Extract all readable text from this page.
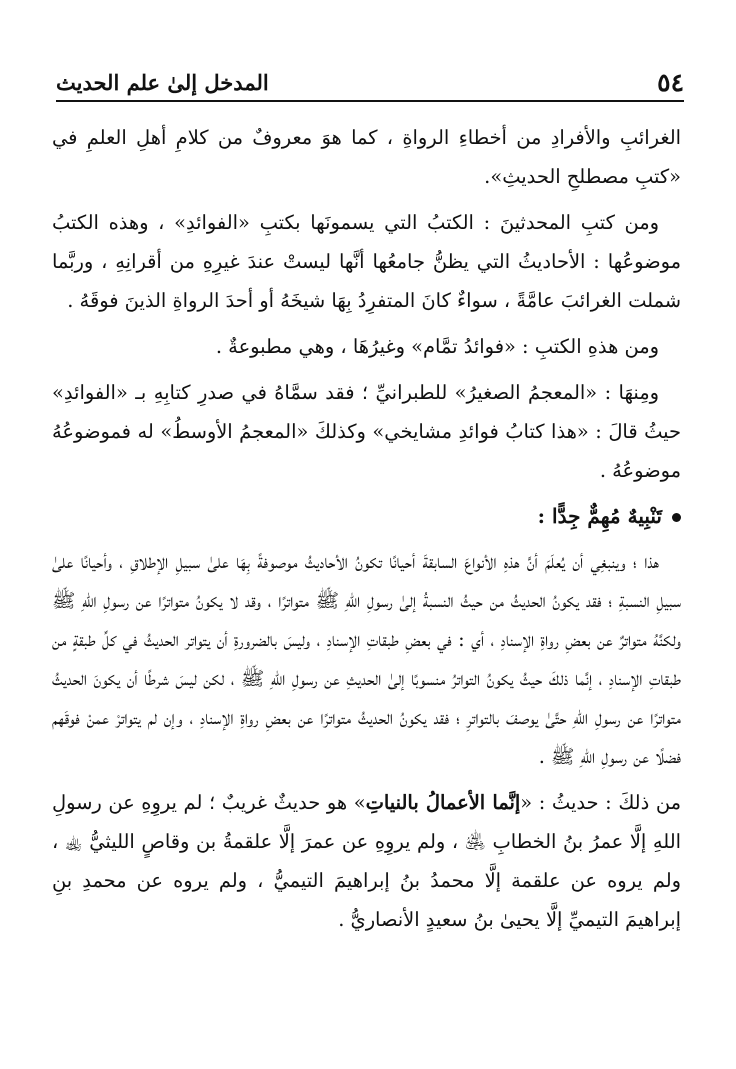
المدخل إلىٰ علم الحديث	٥٤

الغرائبِ والأفرادِ من أخطاءِ الرواةِ ، كما هوَ معروفٌ من كلامِ أهلِ العلمِ في «كتبِ مصطلحِ الحديثِ».

ومن كتبِ المحدثينَ : الكتبُ التي يسمونَها بكتبِ «الفوائدِ» ، وهذه الكتبُ موضوعُها : الأحاديثُ التي يظنُّ جامعُها أنَّها ليستْ عندَ غيرِهِ من أقرانِهِ ، وربَّما شملت الغرائبَ عامَّةً ، سواءٌ كانَ المتفرِدُ بِهَا شيخَهُ أو أحدَ الرواةِ الذينَ فوقَهُ .

ومن هذهِ الكتبِ : «فوائدُ تمَّام» وغيرُهَا ، وهي مطبوعةٌ .

ومِنهَا : «المعجمُ الصغيرُ» للطبرانيِّ ؛ فقد سمَّاهُ في صدرِ كتابِهِ بـ «الفوائدِ» حيثُ قالَ : «هذا كتابُ فوائدِ مشايخي» وكذلكَ «المعجمُ الأوسطُ» له فموضوعُهُ موضوعُهُ .

تَنْبِيهٌ مُهِمٌّ جِدًّا :

هذا ؛ وينبغِي أن يُعلَمَ أنَّ هذهِ الأنواعَ السابقةَ أحيانًا تكونُ الأحاديثُ موصوفةً بِهَا علىٰ سبيلِ الإطلاقِ ، وأحيانًا علىٰ سبيلِ النسبةِ ؛ فقد يكونُ الحديثُ من حيثُ النسبةُ إلىٰ رسولِ اللهِ ﷺ متواترًا ، وقد لا يكونُ متواترًا عن رسولِ اللهِ ﷺ ولكنَّهُ متواترٌ عن بعضِ رواةِ الإسنادِ ، أي : في بعضِ طبقاتِ الإسنادِ ، وليسَ بالضرورةِ أن يتواتر الحديثُ في كلِّ طبقةٍ من طبقاتِ الإسنادِ ، إنَّما ذلكَ حيثُ يكونُ التواترُ منسوبًا إلىٰ الحديثِ عن رسولِ اللهِ ﷺ ، لكن ليسَ شرطًا أن يكونَ الحديثُ متواترًا عن رسولِ اللهِ حتَّىٰ يوصفَ بالتواترِ ؛ فقد يكونُ الحديثُ متواترًا عن بعضِ رواةِ الإسنادِ ، وإن لم يتواترْ عمنْ فوقَهم فضلًا عن رسولِ اللهِ ﷺ .

من ذلكَ : حديثُ : «إنَّما الأعمالُ بالنياتِ» هو حديثٌ غريبٌ ؛ لم يروِهِ عن رسولِ اللهِ إلَّا عمرُ بنُ الخطابِ ﵁ ، ولم يروِهِ عن عمرَ إلَّا علقمةُ بن وقاصٍ الليثيُّ ﵀ ، ولم يروه عن علقمة إلَّا محمدُ بنُ إبراهيمَ التيميُّ ، ولم يروه عن محمدِ بنِ إبراهيمَ التيميِّ إلَّا يحيىٰ بنُ سعيدٍ الأنصاريُّ .
